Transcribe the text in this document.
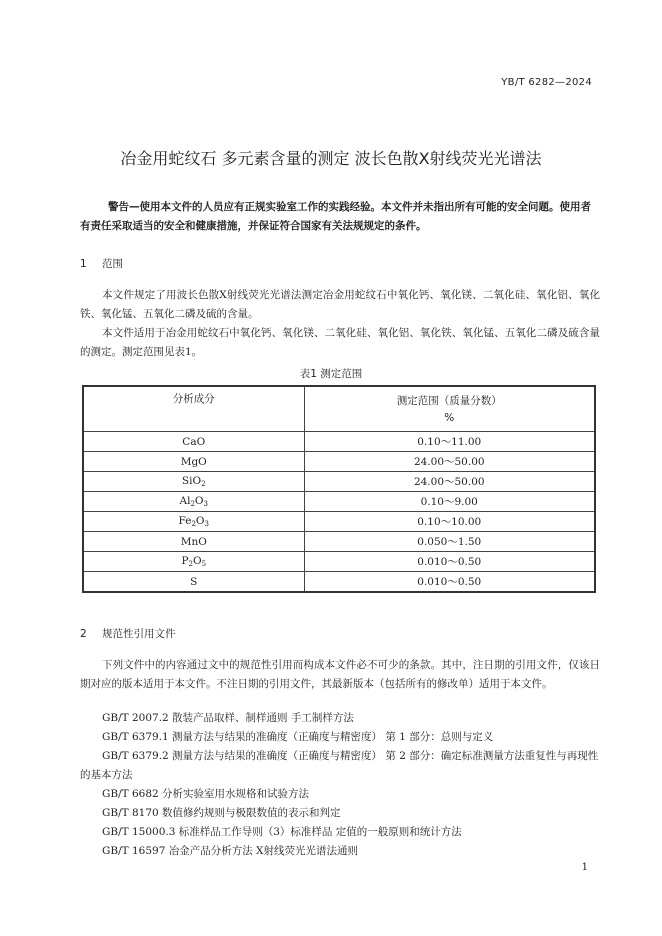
YB/T 6282—2024
冶金用蛇纹石 多元素含量的测定 波长色散X射线荧光光谱法
警告—使用本文件的人员应有正规实验室工作的实践经验。本文件并未指出所有可能的安全问题。使用者有责任采取适当的安全和健康措施，并保证符合国家有关法规规定的条件。
1 范围
本文件规定了用波长色散X射线荧光光谱法测定冶金用蛇纹石中氧化钙、氧化镁、二氧化硅、氧化铝、氧化铁、氧化锰、五氧化二磷及硫的含量。
本文件适用于冶金用蛇纹石中氧化钙、氧化镁、二氧化硅、氧化铝、氧化铁、氧化锰、五氧化二磷及硫含量的测定。测定范围见表1。
表1 测定范围
分析成分	测定范围（质量分数）
%

CaO	0.10～11.00
MgO	24.00～50.00
SiO$_2$	24.00～50.00
$Al_2O_3$	0.10～9.00
$Fe_2O_3$	0.10～10.00
MnO	0.050～1.50
$P_2O_5$	0.010～0.50
S	0.010～0.50
2 规范性引用文件
下列文件中的内容通过文中的规范性引用而构成本文件必不可少的条款。其中，注日期的引用文件，仅该日期对应的版本适用于本文件。不注日期的引用文件，其最新版本（包括所有的修改单）适用于本文件。
GB/T 2007.2 散装产品取样、制样通则 手工制样方法
GB/T 6379.1 测量方法与结果的准确度（正确度与精密度） 第 1 部分：总则与定义
GB/T 6379.2 测量方法与结果的准确度（正确度与精密度） 第 2 部分：确定标准测量方法重复性与再现性的基本方法
GB/T 6682 分析实验室用水规格和试验方法
GB/T 8170 数值修约规则与极限数值的表示和判定
GB/T 15000.3 标准样品工作导则（3）标准样品 定值的一般原则和统计方法
GB/T 16597 冶金产品分析方法 X射线荧光光谱法通则
1
